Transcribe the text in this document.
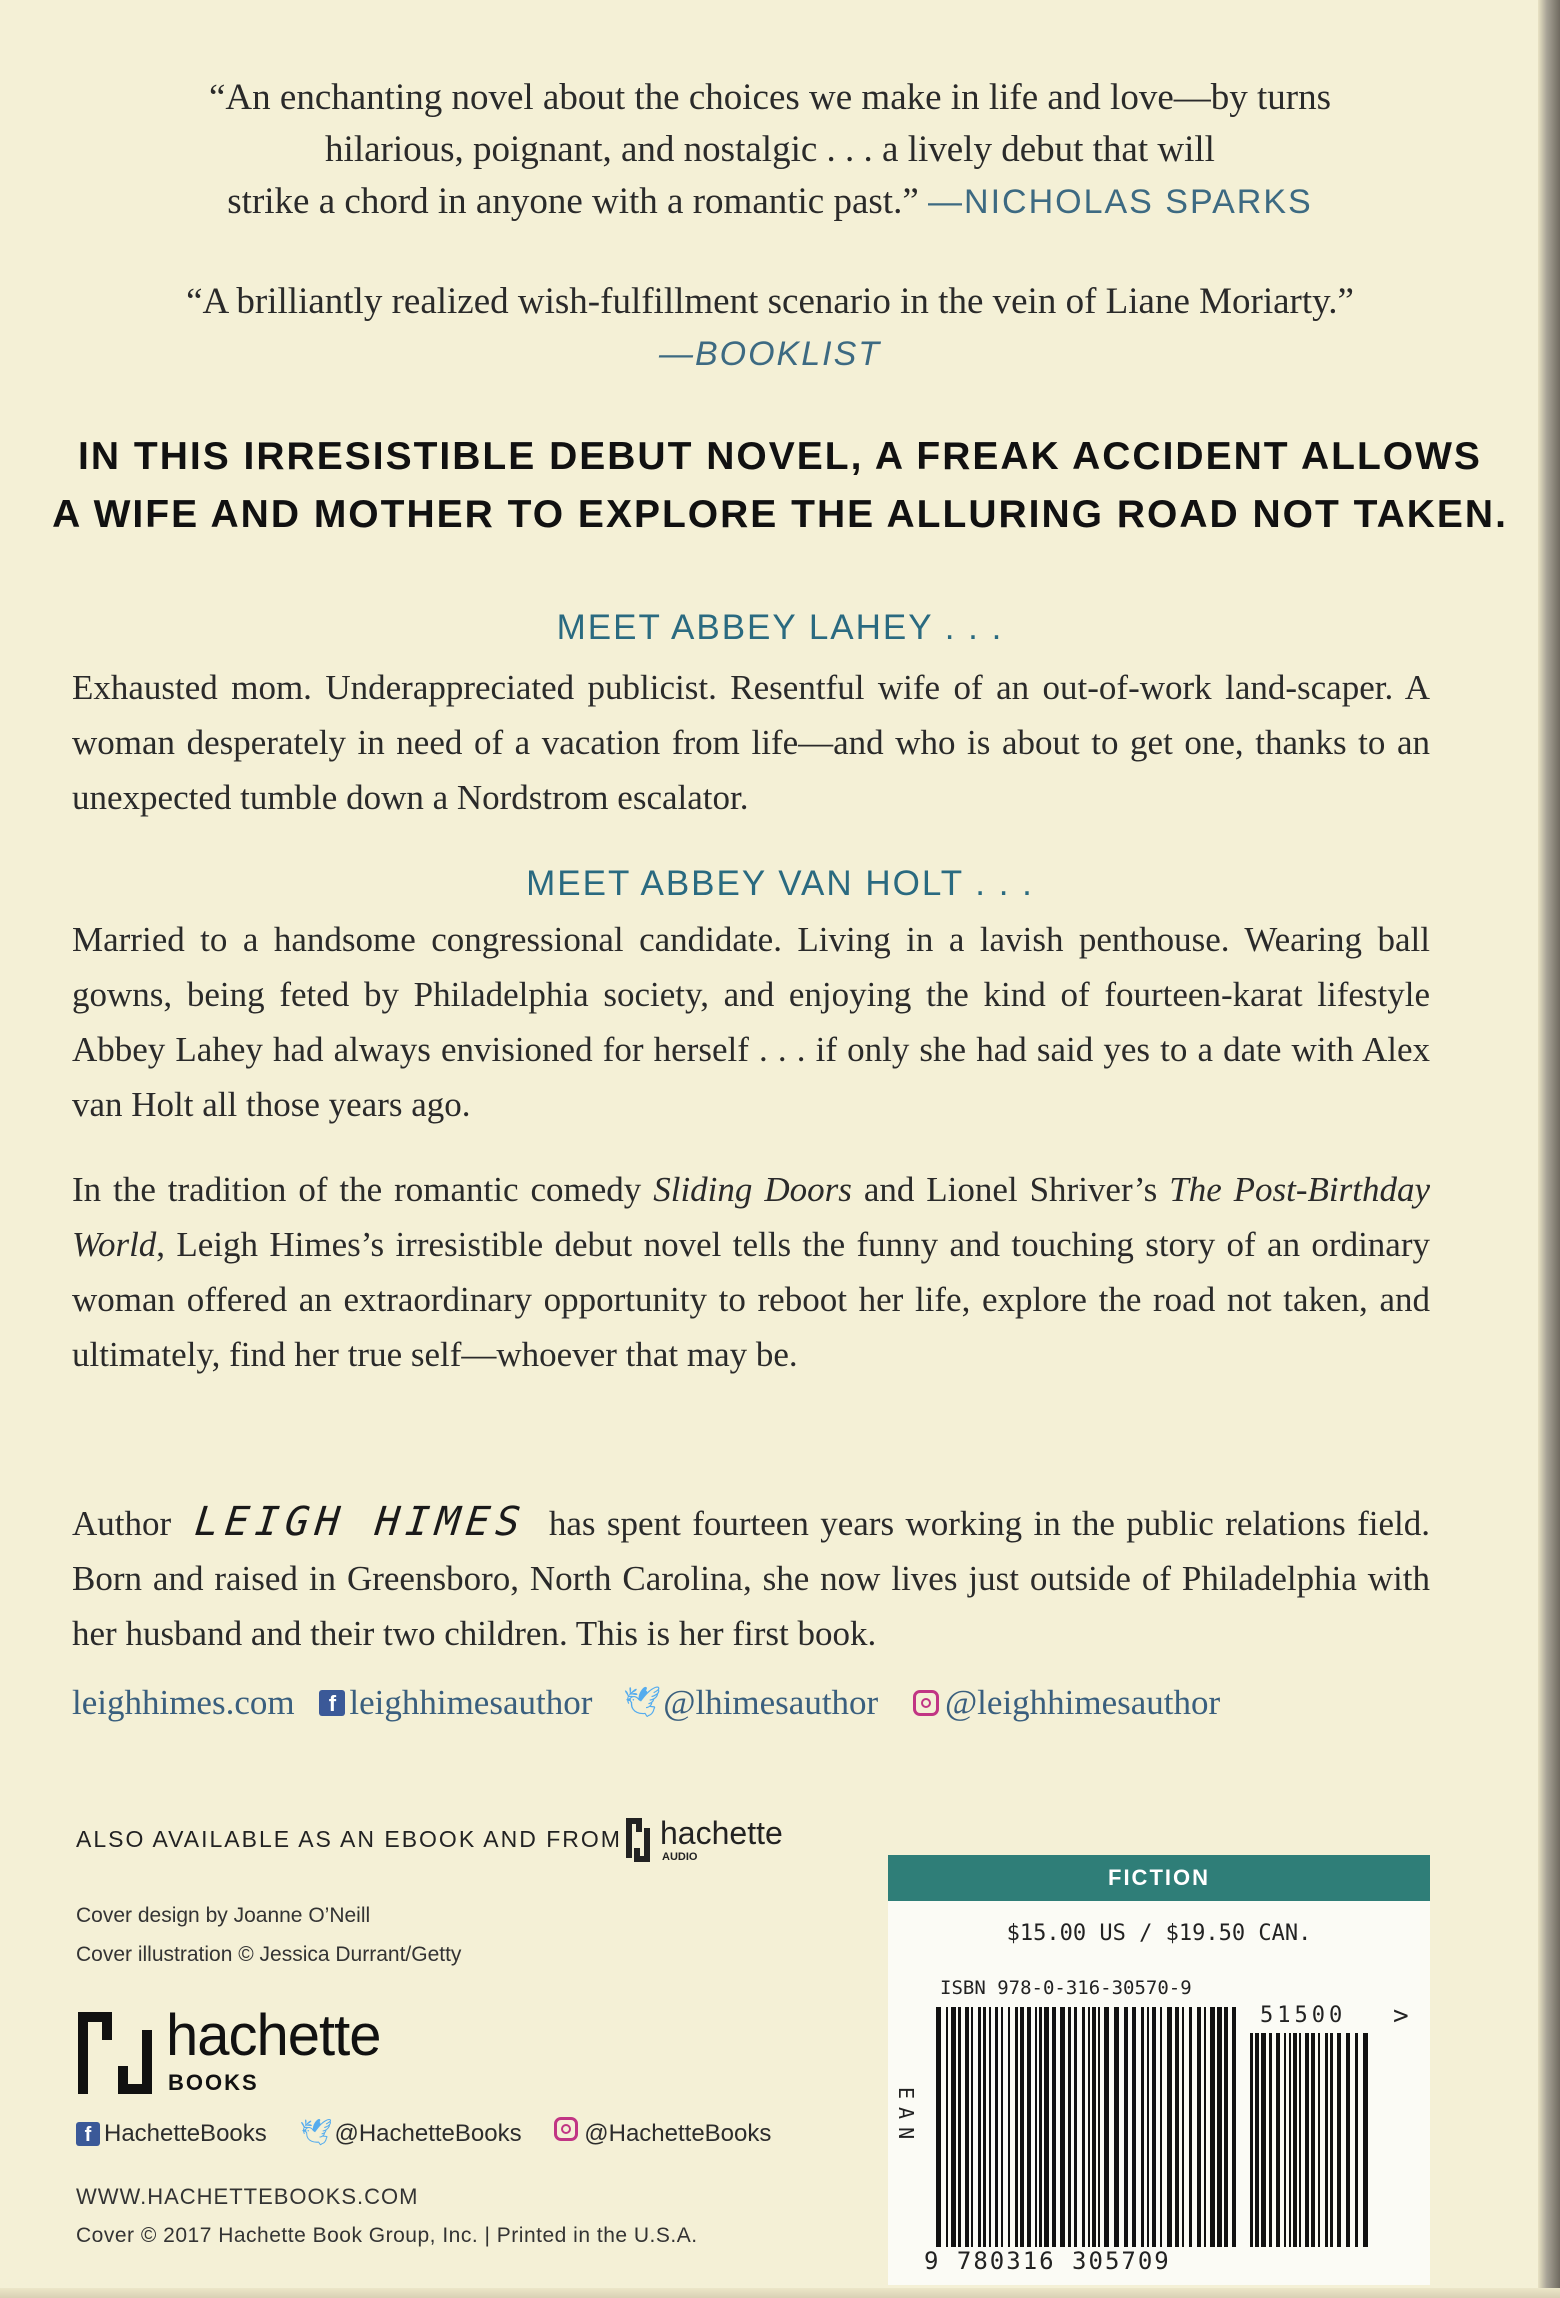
“An enchanting novel about the choices we make in life and love—by turns
hilarious, poignant, and nostalgic . . . a lively debut that will
strike a chord in anyone with a romantic past.” —NICHOLAS SPARKS
“A brilliantly realized wish-fulfillment scenario in the vein of Liane Moriarty.”
—BOOKLIST
IN THIS IRRESISTIBLE DEBUT NOVEL, A FREAK ACCIDENT ALLOWS
A WIFE AND MOTHER TO EXPLORE THE ALLURING ROAD NOT TAKEN.
MEET ABBEY LAHEY . . .
Exhausted mom. Underappreciated publicist. Resentful wife of an out-of-work land-scaper. A woman desperately in need of a vacation from life—and who is about to get one, thanks to an unexpected tumble down a Nordstrom escalator.
MEET ABBEY VAN HOLT . . .
Married to a handsome congressional candidate. Living in a lavish penthouse. Wearing ball gowns, being feted by Philadelphia society, and enjoying the kind of fourteen-karat lifestyle Abbey Lahey had always envisioned for herself . . . if only she had said yes to a date with Alex van Holt all those years ago.
In the tradition of the romantic comedy Sliding Doors and Lionel Shriver’s The Post-Birthday World, Leigh Himes’s irresistible debut novel tells the funny and touching story of an ordinary woman offered an extraordinary opportunity to reboot her life, explore the road not taken, and ultimately, find her true self—whoever that may be.
Author LEIGH HIMES has spent fourteen years working in the public relations field. Born and raised in Greensboro, North Carolina, she now lives just outside of Philadelphia with her husband and their two children. This is her first book.
leighhimes.com f leighhimesauthor 🕊@lhimesauthor @leighhimesauthor
ALSO AVAILABLE AS AN EBOOK AND FROM hachette
AUDIO
Cover design by Joanne O’Neill
Cover illustration © Jessica Durrant/Getty
hachette
BOOKS
f HachetteBooks 🕊@HachetteBooks	@HachetteBooks
WWW.HACHETTEBOOKS.COM
Cover © 2017 Hachette Book Group, Inc. | Printed in the U.S.A.
FICTION
$15.00 US / $19.50 CAN.
ISBN 978-0-316-30570-9
EAN
51500 >
9 780316 305709
